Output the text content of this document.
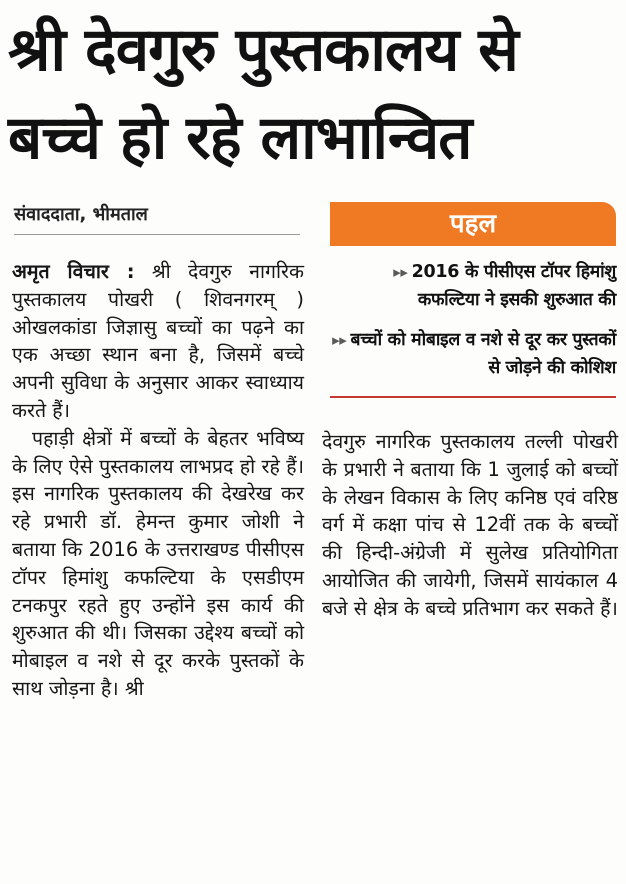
श्री देवगुरु पुस्तकालय से
बच्चे हो रहे लाभान्वित
संवाददाता, भीमताल

अमृत विचार : श्री देवगुरु नागरिक पुस्तकालय पोखरी ( शिवनगरम् ) ओखलकांडा जिज्ञासु बच्चों का पढ़ने का एक अच्छा स्थान बना है, जिसमें बच्चे अपनी सुविधा के अनुसार आकर स्वाध्याय करते हैं।

पहाड़ी क्षेत्रों में बच्चों के बेहतर भविष्य के लिए ऐसे पुस्तकालय लाभप्रद हो रहे हैं। इस नागरिक पुस्तकालय की देखरेख कर रहे प्रभारी डॉ. हेमन्त कुमार जोशी ने बताया कि 2016 के उत्तराखण्ड पीसीएस टॉपर हिमांशु कफल्टिया के एसडीएम टनकपुर रहते हुए उन्होंने इस कार्य की शुरुआत की थी। जिसका उद्देश्य बच्चों को मोबाइल व नशे से दूर करके पुस्तकों के साथ जोड़ना है। श्री

पहल
▸▸ 2016 के पीसीएस टॉपर हिमांशु कफल्टिया ने इसकी शुरुआत की
▸▸ बच्चों को मोबाइल व नशे से दूर कर पुस्तकों से जोड़ने की कोशिश

देवगुरु नागरिक पुस्तकालय तल्ली पोखरी के प्रभारी ने बताया कि 1 जुलाई को बच्चों के लेखन विकास के लिए कनिष्ठ एवं वरिष्ठ वर्ग में कक्षा पांच से 12वीं तक के बच्चों की हिन्दी-अंग्रेजी में सुलेख प्रतियोगिता आयोजित की जायेगी, जिसमें सायंकाल 4 बजे से क्षेत्र के बच्चे प्रतिभाग कर सकते हैं।
